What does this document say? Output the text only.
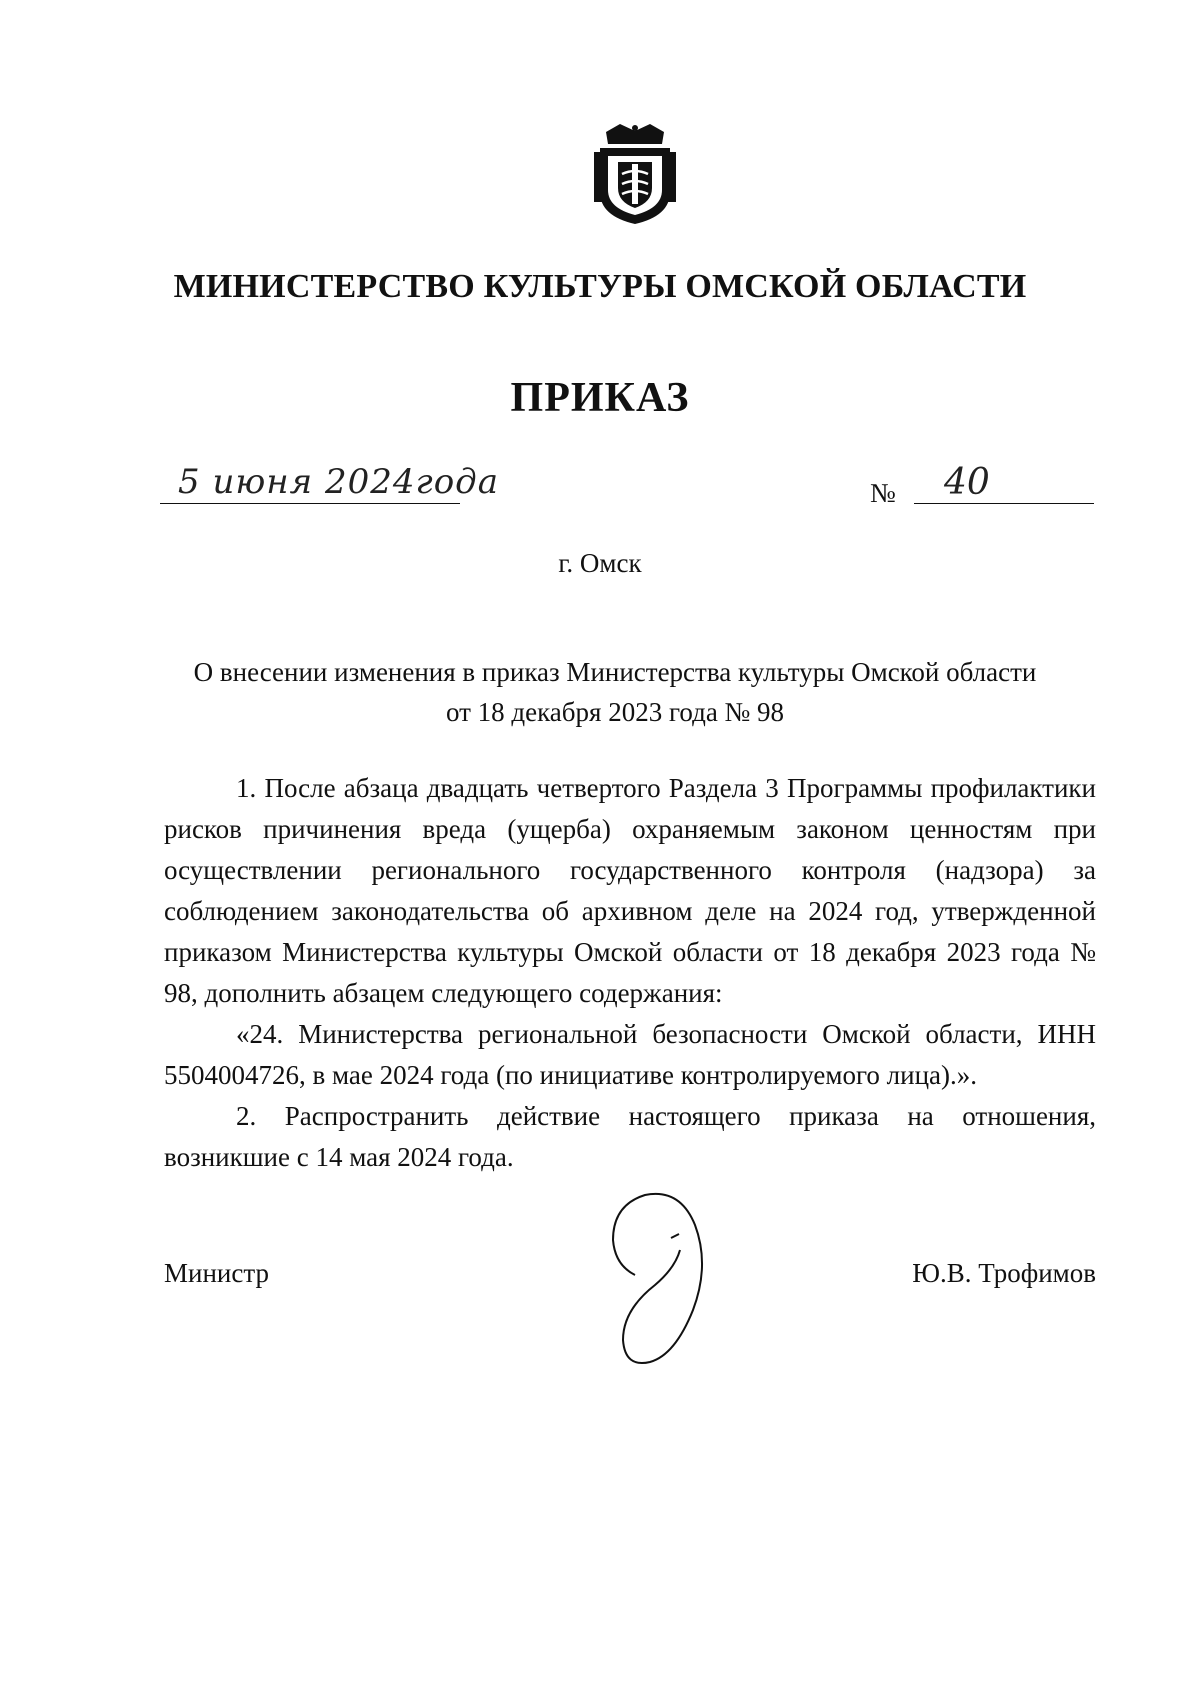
МИНИСТЕРСТВО КУЛЬТУРЫ ОМСКОЙ ОБЛАСТИ
ПРИКАЗ
5 июня 2024года	№ 40
г. Омск
О внесении изменения в приказ Министерства культуры Омской области
от 18 декабря 2023 года № 98

1. После абзаца двадцать четвертого Раздела 3 Программы профилактики рисков причинения вреда (ущерба) охраняемым законом ценностям при осуществлении регионального государственного контроля (надзора) за соблюдением законодательства об архивном деле на 2024 год, утвержденной приказом Министерства культуры Омской области от 18 декабря 2023 года № 98, дополнить абзацем следующего содержания:

«24. Министерства региональной безопасности Омской области, ИНН 5504004726, в мае 2024 года (по инициативе контролируемого лица).».

2. Распространить действие настоящего приказа на отношения, возникшие с 14 мая 2024 года.

Министр	Ю.В. Трофимов
